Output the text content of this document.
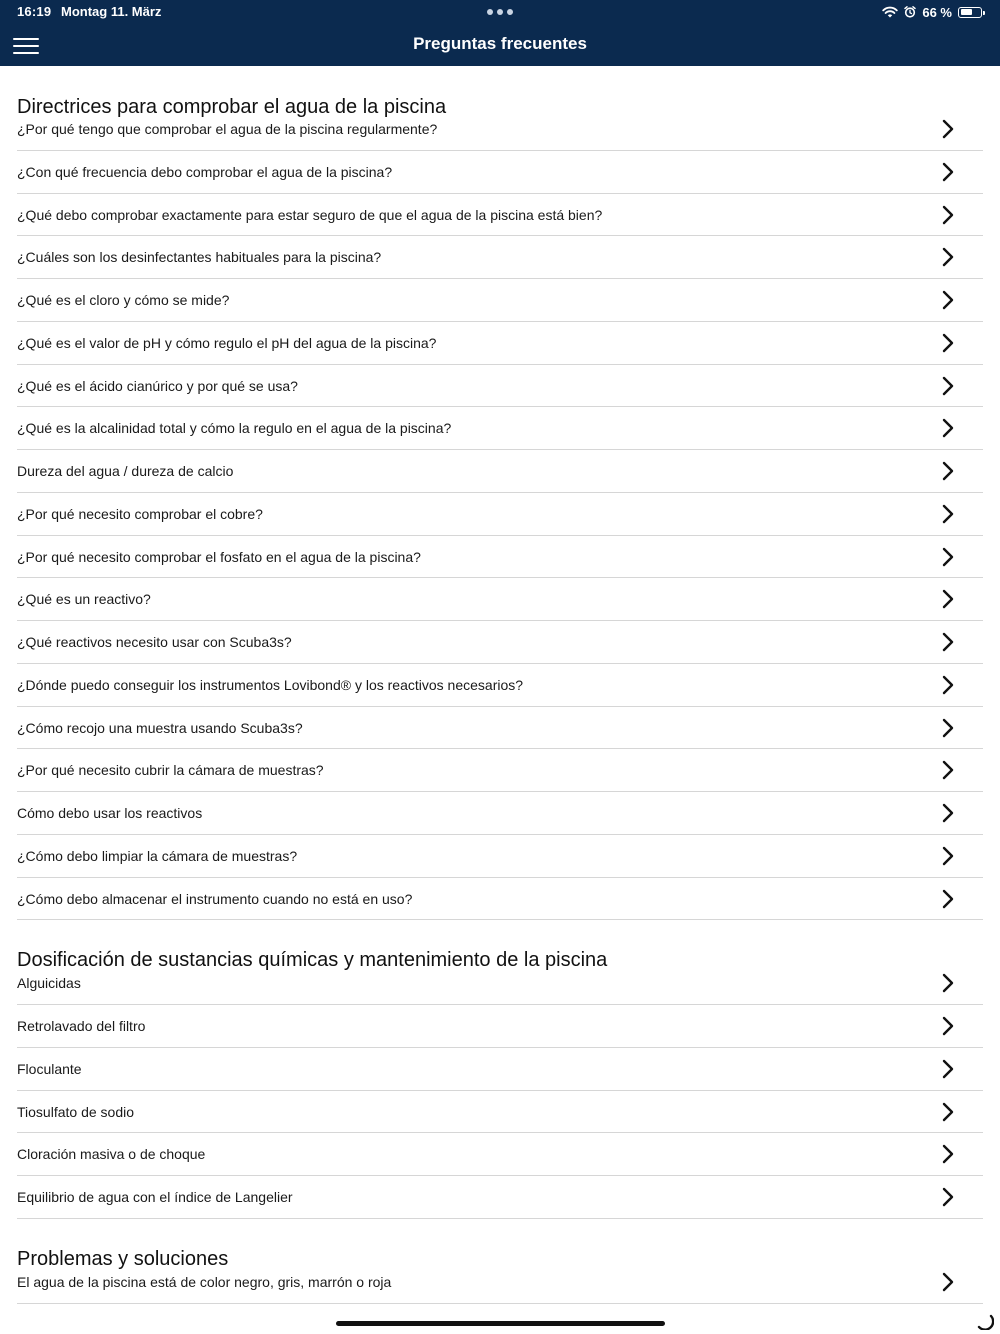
16:19 Montag 11. März	66 %
Preguntas frecuentes
Directrices para comprobar el agua de la piscina
¿Por qué tengo que comprobar el agua de la piscina regularmente?
¿Con qué frecuencia debo comprobar el agua de la piscina?
¿Qué debo comprobar exactamente para estar seguro de que el agua de la piscina está bien?
¿Cuáles son los desinfectantes habituales para la piscina?
¿Qué es el cloro y cómo se mide?
¿Qué es el valor de pH y cómo regulo el pH del agua de la piscina?
¿Qué es el ácido cianúrico y por qué se usa?
¿Qué es la alcalinidad total y cómo la regulo en el agua de la piscina?
Dureza del agua / dureza de calcio
¿Por qué necesito comprobar el cobre?
¿Por qué necesito comprobar el fosfato en el agua de la piscina?
¿Qué es un reactivo?
¿Qué reactivos necesito usar con Scuba3s?
¿Dónde puedo conseguir los instrumentos Lovibond® y los reactivos necesarios?
¿Cómo recojo una muestra usando Scuba3s?
¿Por qué necesito cubrir la cámara de muestras?
Cómo debo usar los reactivos
¿Cómo debo limpiar la cámara de muestras?
¿Cómo debo almacenar el instrumento cuando no está en uso?
Dosificación de sustancias químicas y mantenimiento de la piscina
Alguicidas
Retrolavado del filtro
Floculante
Tiosulfato de sodio
Cloración masiva o de choque
Equilibrio de agua con el índice de Langelier
Problemas y soluciones
El agua de la piscina está de color negro, gris, marrón o roja
